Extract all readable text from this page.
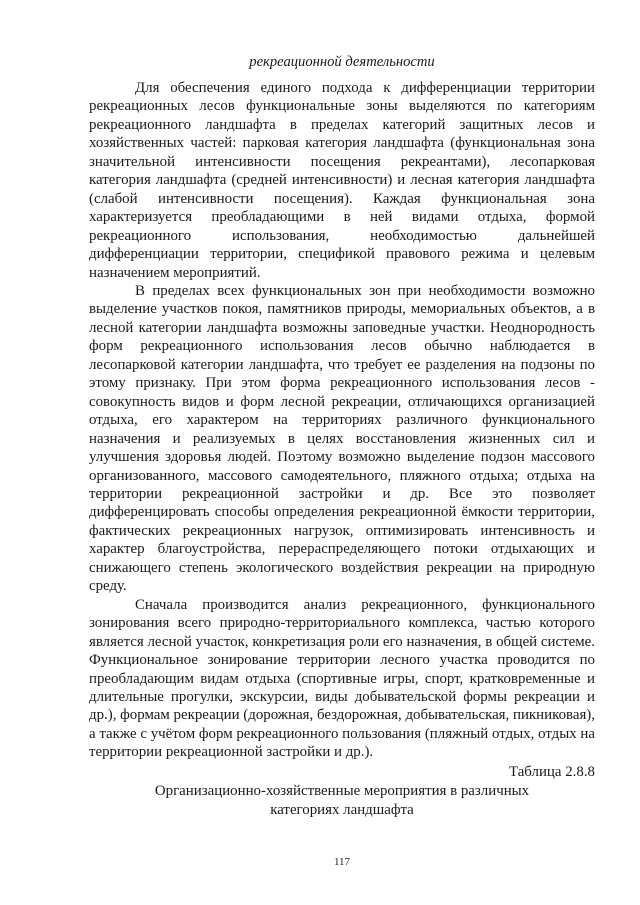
рекреационной деятельности

Для обеспечения единого подхода к дифференциации территории рекреационных лесов функциональные зоны выделяются по категориям рекреационного ландшафта в пределах категорий защитных лесов и хозяйственных частей: парковая категория ландшафта (функциональная зона значительной интенсивности посещения рекреантами), лесопарковая категория ландшафта (средней интенсивности) и лесная категория ландшафта (слабой интенсивности посещения). Каждая функциональная зона характеризуется преобладающими в ней видами отдыха, формой рекреационного использования, необходимостью дальнейшей дифференциации территории, спецификой правового режима и целевым назначением мероприятий.

В пределах всех функциональных зон при необходимости возможно выделение участков покоя, памятников природы, мемориальных объектов, а в лесной категории ландшафта возможны заповедные участки. Неоднородность форм рекреационного использования лесов обычно наблюдается в лесопарковой категории ландшафта, что требует ее разделения на подзоны по этому признаку. При этом форма рекреационного использования лесов - совокупность видов и форм лесной рекреации, отличающихся организацией отдыха, его характером на территориях различного функционального назначения и реализуемых в целях восстановления жизненных сил и улучшения здоровья людей. Поэтому возможно выделение подзон массового организованного, массового самодеятельного, пляжного отдыха; отдыха на территории рекреационной застройки и др. Все это позволяет дифференцировать способы определения рекреационной ёмкости территории, фактических рекреационных нагрузок, оптимизировать интенсивность и характер благоустройства, перераспределяющего потоки отдыхающих и снижающего степень экологического воздействия рекреации на природную среду.

Сначала производится анализ рекреационного, функционального зонирования всего природно-территориального комплекса, частью которого является лесной участок, конкретизация роли его назначения, в общей системе. Функциональное зонирование территории лесного участка проводится по преобладающим видам отдыха (спортивные игры, спорт, кратковременные и длительные прогулки, экскурсии, виды добывательской формы рекреации и др.), формам рекреации (дорожная, бездорожная, добывательская, пикниковая), а также с учётом форм рекреационного пользования (пляжный отдых, отдых на территории рекреационной застройки и др.).

Таблица 2.8.8
Организационно-хозяйственные мероприятия в различных
категориях ландшафта
117
